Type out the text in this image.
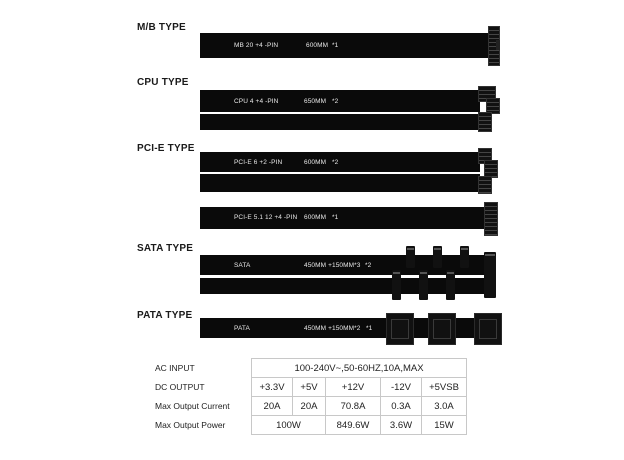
M/B TYPE
MB 20 +4 -PIN	600MM *1
CPU TYPE
CPU 4 +4 -PIN	650MM *2
PCI-E TYPE
PCI-E 6 +2 -PIN	600MM *2
PCI-E 5.1 12 +4 -PIN 600MM *1
SATA TYPE
SATA	450MM +150MM*3 *2
PATA TYPE
PATA	450MM +150MM*2 *1
AC INPUT	100-240V~,50-60HZ,10A,MAX				
DC OUTPUT	+3.3V	+5V	+12V	-12V	+5VSB
Max Output Current	20A	20A	70.8A	0.3A	3.0A
Max Output Power	100W		849.6W	3.6W	15W
